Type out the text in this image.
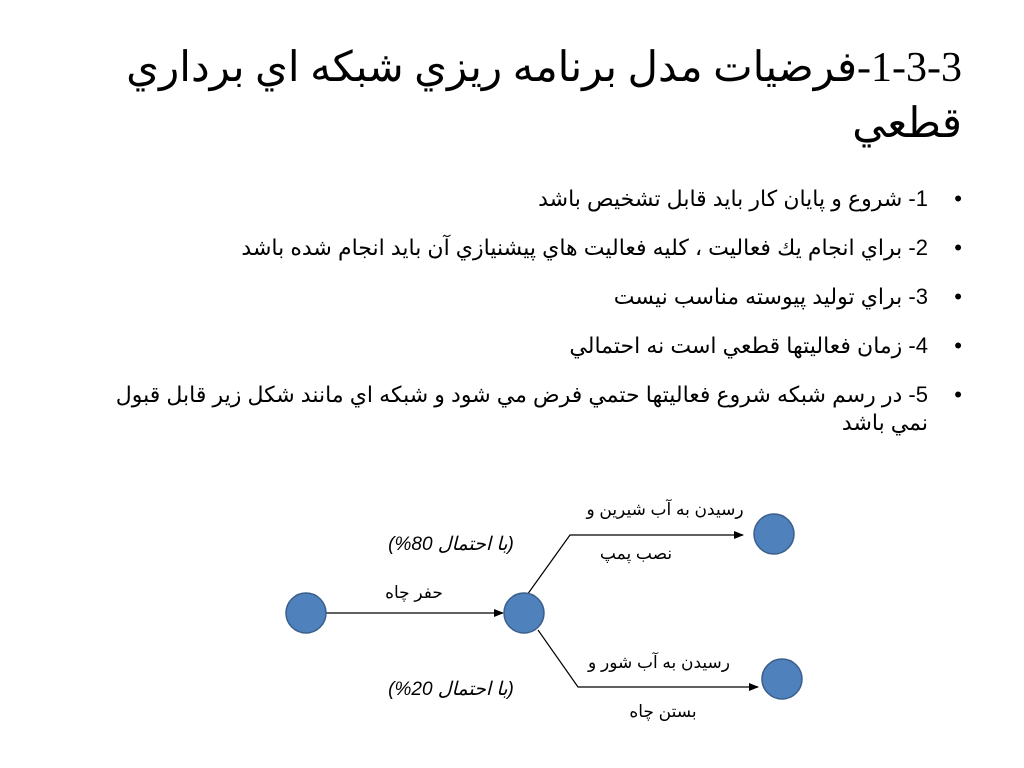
1-3-3-فرضيات مدل برنامه ريزي شبكه اي برداري قطعي
•
1- شروع و پايان كار بايد قابل تشخيص باشد
•
2- براي انجام يك فعاليت ، كليه فعاليت هاي پيشنيازي آن بايد انجام شده باشد
•
3- براي توليد پيوسته مناسب نيست
•
4- زمان فعاليتها قطعي است نه احتمالي
•
5- در رسم شبكه شروع فعاليتها حتمي فرض مي شود و شبكه اي مانند شكل زير قابل قبول نمي باشد
حفر چاه
رسيدن به آب شيرين و
نصب پمپ
رسيدن به آب شور و
بستن چاه
(با احتمال 80%)
(با احتمال 20%)
